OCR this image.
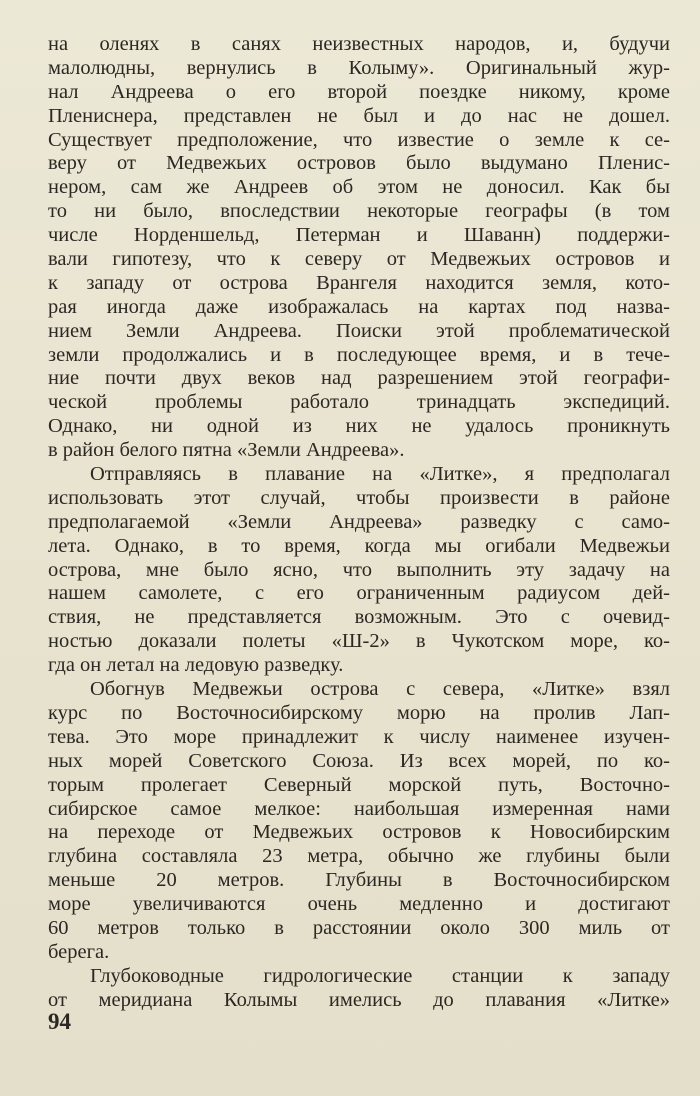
на оленях в санях неизвестных народов, и, будучи
малолюдны, вернулись в Колыму». Оригинальный жур-
нал Андреева о его второй поездке никому, кроме
Плениснера, представлен не был и до нас не дошел.
Существует предположение, что известие о земле к се-
веру от Медвежьих островов было выдумано Пленис-
нером, сам же Андреев об этом не доносил. Как бы
то ни было, впоследствии некоторые географы (в том
числе Норденшельд, Петерман и Шаванн) поддержи-
вали гипотезу, что к северу от Медвежьих островов и
к западу от острова Врангеля находится земля, кото-
рая иногда даже изображалась на картах под назва-
нием Земли Андреева. Поиски этой проблематической
земли продолжались и в последующее время, и в тече-
ние почти двух веков над разрешением этой географи-
ческой проблемы работало тринадцать экспедиций.
Однако, ни одной из них не удалось проникнуть
в район белого пятна «Земли Андреева».
Отправляясь в плавание на «Литке», я предполагал
использовать этот случай, чтобы произвести в районе
предполагаемой «Земли Андреева» разведку с само-
лета. Однако, в то время, когда мы огибали Медвежьи
острова, мне было ясно, что выполнить эту задачу на
нашем самолете, с его ограниченным радиусом дей-
ствия, не представляется возможным. Это с очевид-
ностью доказали полеты «Ш-2» в Чукотском море, ко-
гда он летал на ледовую разведку.
Обогнув Медвежьи острова с севера, «Литке» взял
курс по Восточносибирскому морю на пролив Лап-
тева. Это море принадлежит к числу наименее изучен-
ных морей Советского Союза. Из всех морей, по ко-
торым пролегает Северный морской путь, Восточно-
сибирское самое мелкое: наибольшая измеренная нами
на переходе от Медвежьих островов к Новосибирским
глубина составляла 23 метра, обычно же глубины были
меньше 20 метров. Глубины в Восточносибирском
море увеличиваются очень медленно и достигают
60 метров только в расстоянии около 300 миль от
берега.
Глубоководные гидрологические станции к западу
от меридиана Колымы имелись до плавания «Литке»
94
